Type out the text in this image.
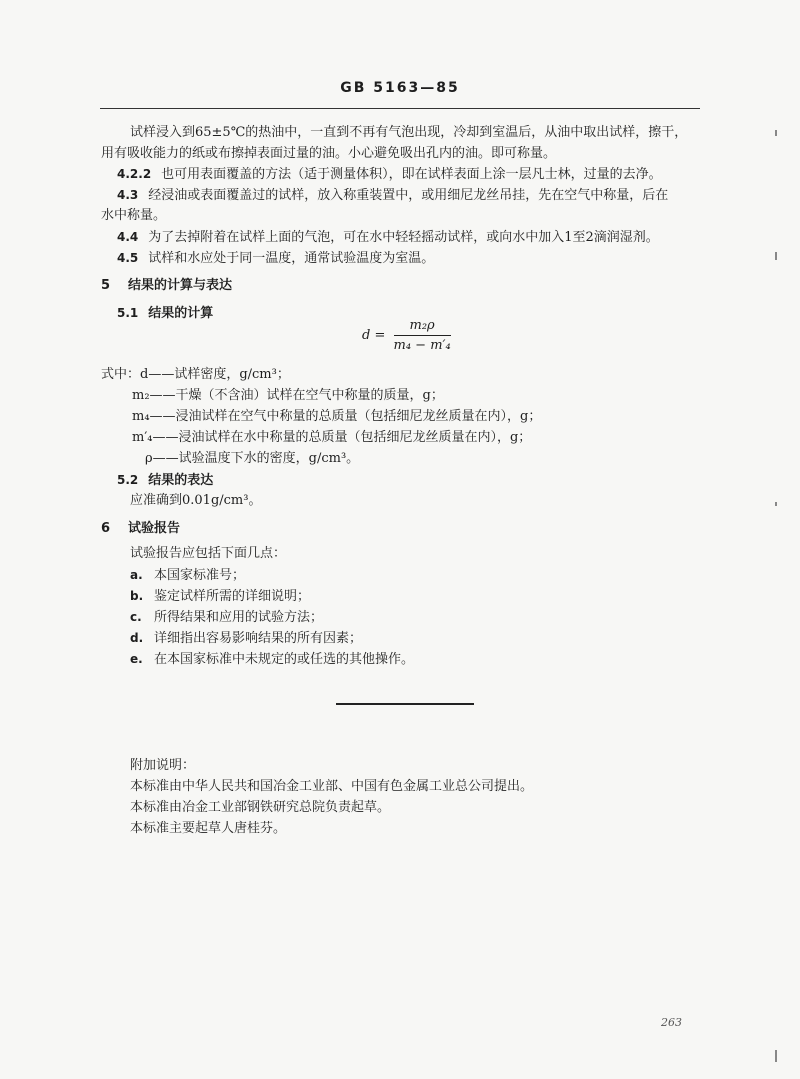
GB 5163—85
试样浸入到65±5℃的热油中，一直到不再有气泡出现，冷却到室温后，从油中取出试样，擦干，
用有吸收能力的纸或布擦掉表面过量的油。小心避免吸出孔内的油。即可称量。
4.2.2 也可用表面覆盖的方法（适于测量体积），即在试样表面上涂一层凡士林，过量的去净。
4.3 经浸油或表面覆盖过的试样，放入称重装置中，或用细尼龙丝吊挂，先在空气中称量，后在
水中称量。
4.4 为了去掉附着在试样上面的气泡，可在水中轻轻摇动试样，或向水中加入1至2滴润湿剂。
4.5 试样和水应处于同一温度，通常试验温度为室温。
5 结果的计算与表达
5.1 结果的计算
$d = \frac{\text{m₂ρ}}{\text{m₄ − m′₄}}$
式中：d——试样密度，g/cm³；
m₂——干燥（不含油）试样在空气中称量的质量，g；
m₄——浸油试样在空气中称量的总质量（包括细尼龙丝质量在内），g；
m′₄——浸油试样在水中称量的总质量（包括细尼龙丝质量在内），g；
ρ——试验温度下水的密度，g/cm³。
5.2 结果的表达
应准确到0.01g/cm³。
6 试验报告
试验报告应包括下面几点：
a. 本国家标准号；
b. 鉴定试样所需的详细说明；
c. 所得结果和应用的试验方法；
d. 详细指出容易影响结果的所有因素；
e. 在本国家标准中未规定的或任选的其他操作。
附加说明：
本标准由中华人民共和国冶金工业部、中国有色金属工业总公司提出。
本标准由冶金工业部钢铁研究总院负责起草。
本标准主要起草人唐桂芬。
263
